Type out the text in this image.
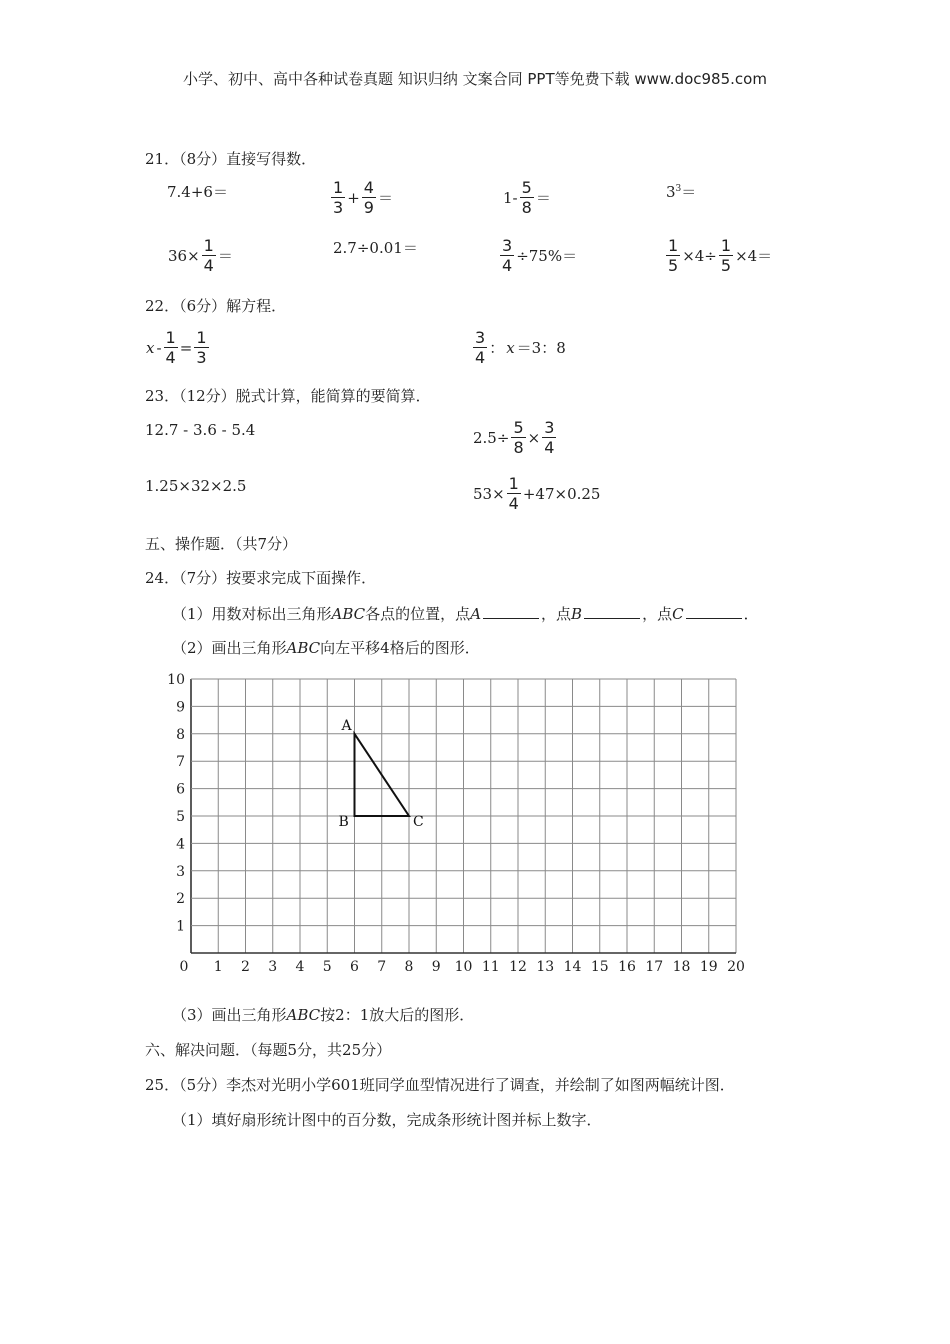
小学、初中、高中各种试卷真题 知识归纳 文案合同 PPT等免费下载 www.doc985.com
21．（8分）直接写得数．
7.4+6＝	$\frac{1}{3} + \frac{4}{9}$ ＝	$1- \frac{5}{8}$ ＝	$3^3=$
$36\times \frac{1}{4}$ ＝	2.7÷0.01＝	$\frac{3}{4} \div 75\%=$	$\frac{1}{5} \times 4\div \frac{1}{5} \times 4=$
22．（6分）解方程．
$x - \frac{1}{4} = \frac{1}{3}$	$\frac{3}{4}$ ： x ＝3：8
23．（12分）脱式计算，能简算的要简算．
12.7 - 3.6 - 5.4	$2.5\div \frac{5}{8} \times \frac{3}{4}$
1.25×32×2.5	$53\times \frac{1}{4} +47\times 0.25$
五、操作题．（共7分）
24．（7分）按要求完成下面操作．
（1）用数对标出三角形ABC各点的位置，点A	，点B	，点C	．
（2）画出三角形ABC向左平移4格后的图形．
0 1 2 3 4 5 6 7 8 9 10 11 12 13 14 15 16 17 18 19 20
1
2
3
4
5
6
7
8
9
10
A
B	C
（3）画出三角形ABC按2：1放大后的图形．
六、解决问题．（每题5分，共25分）
25．（5分）李杰对光明小学601班同学血型情况进行了调查，并绘制了如图两幅统计图．
（1）填好扇形统计图中的百分数，完成条形统计图并标上数字．
